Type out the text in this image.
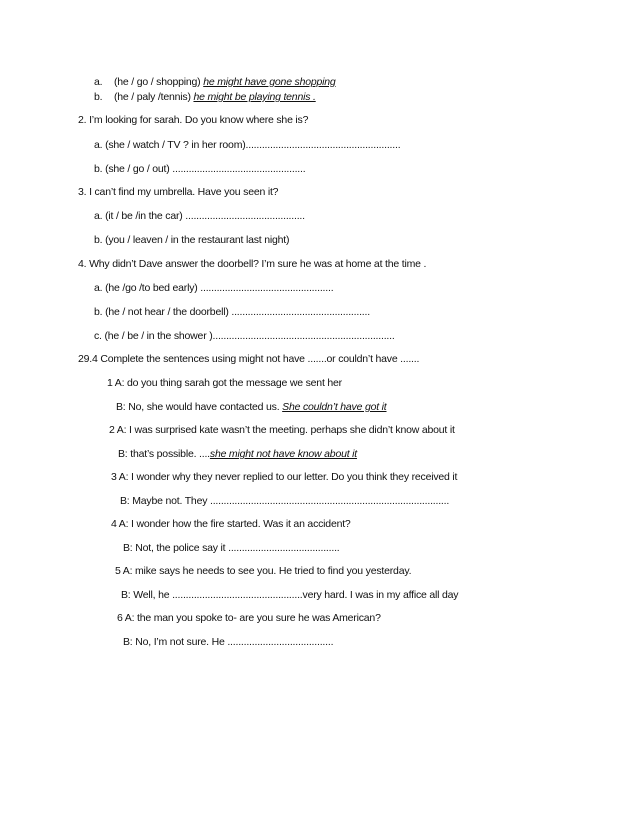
a. (he / go / shopping) he might have gone shopping
b. (he / paly /tennis) he might be playing tennis .
2. I’m looking for sarah. Do you know where she is?
a. (she / watch / TV ? in her room).........................................................
b. (she / go / out) .................................................
3. I can’t find my umbrella. Have you seen it?
a. (it / be /in the car) ............................................
b. (you / leaven / in the restaurant last night)
4. Why didn’t Dave answer the doorbell? I’m sure he was at home at the time .
a. (he /go /to bed early) .................................................
b. (he / not hear / the doorbell) ...................................................
c. (he / be / in the shower )...................................................................
29.4 Complete the sentences using might not have .......or couldn’t have .......
1 A: do you thing sarah got the message we sent her
B: No, she would have contacted us. She couldn’t have got it
2 A: I was surprised kate wasn’t the meeting. perhaps she didn’t know about it
B: that’s possible. ....she might not have know about it
3 A: I wonder why they never replied to our letter. Do you think they received it
B: Maybe not. They ........................................................................................
4 A: I wonder how the fire started. Was it an accident?
B: Not, the police say it .........................................
5 A: mike says he needs to see you. He tried to find you yesterday.
B: Well, he ................................................very hard. I was in my affice all day
6 A: the man you spoke to- are you sure he was American?
B: No, I’m not sure. He .......................................
